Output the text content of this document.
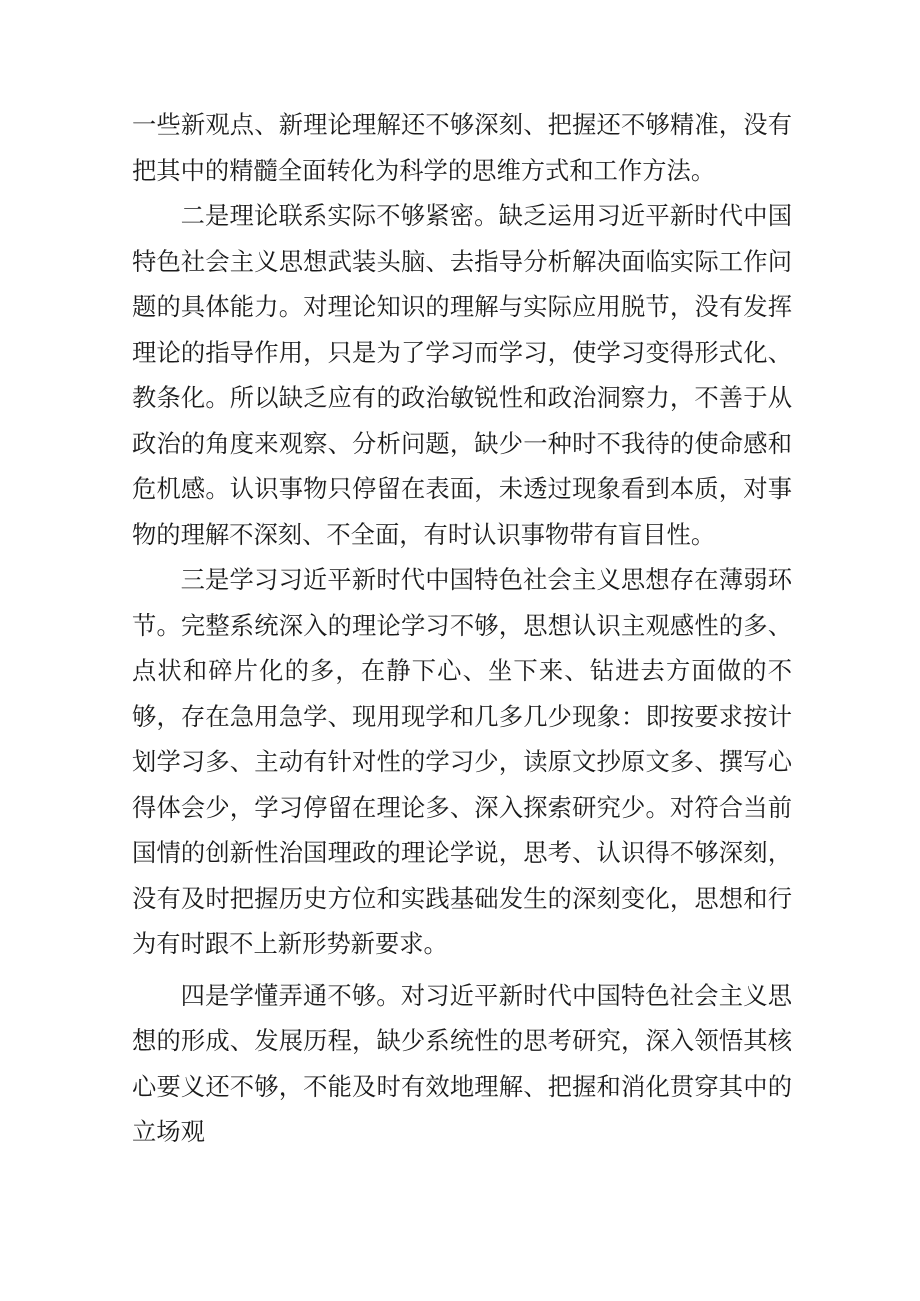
一些新观点、新理论理解还不够深刻、把握还不够精准，没有把其中的精髓全面转化为科学的思维方式和工作方法。

二是理论联系实际不够紧密。缺乏运用习近平新时代中国特色社会主义思想武装头脑、去指导分析解决面临实际工作问题的具体能力。对理论知识的理解与实际应用脱节，没有发挥理论的指导作用，只是为了学习而学习，使学习变得形式化、教条化。所以缺乏应有的政治敏锐性和政治洞察力，不善于从政治的角度来观察、分析问题，缺少一种时不我待的使命感和危机感。认识事物只停留在表面，未透过现象看到本质，对事物的理解不深刻、不全面，有时认识事物带有盲目性。

三是学习习近平新时代中国特色社会主义思想存在薄弱环节。完整系统深入的理论学习不够，思想认识主观感性的多、点状和碎片化的多，在静下心、坐下来、钻进去方面做的不够，存在急用急学、现用现学和几多几少现象：即按要求按计划学习多、主动有针对性的学习少，读原文抄原文多、撰写心得体会少，学习停留在理论多、深入探索研究少。对符合当前国情的创新性治国理政的理论学说，思考、认识得不够深刻，没有及时把握历史方位和实践基础发生的深刻变化，思想和行为有时跟不上新形势新要求。

四是学懂弄通不够。对习近平新时代中国特色社会主义思想的形成、发展历程，缺少系统性的思考研究，深入领悟其核心要义还不够，不能及时有效地理解、把握和消化贯穿其中的立场观
